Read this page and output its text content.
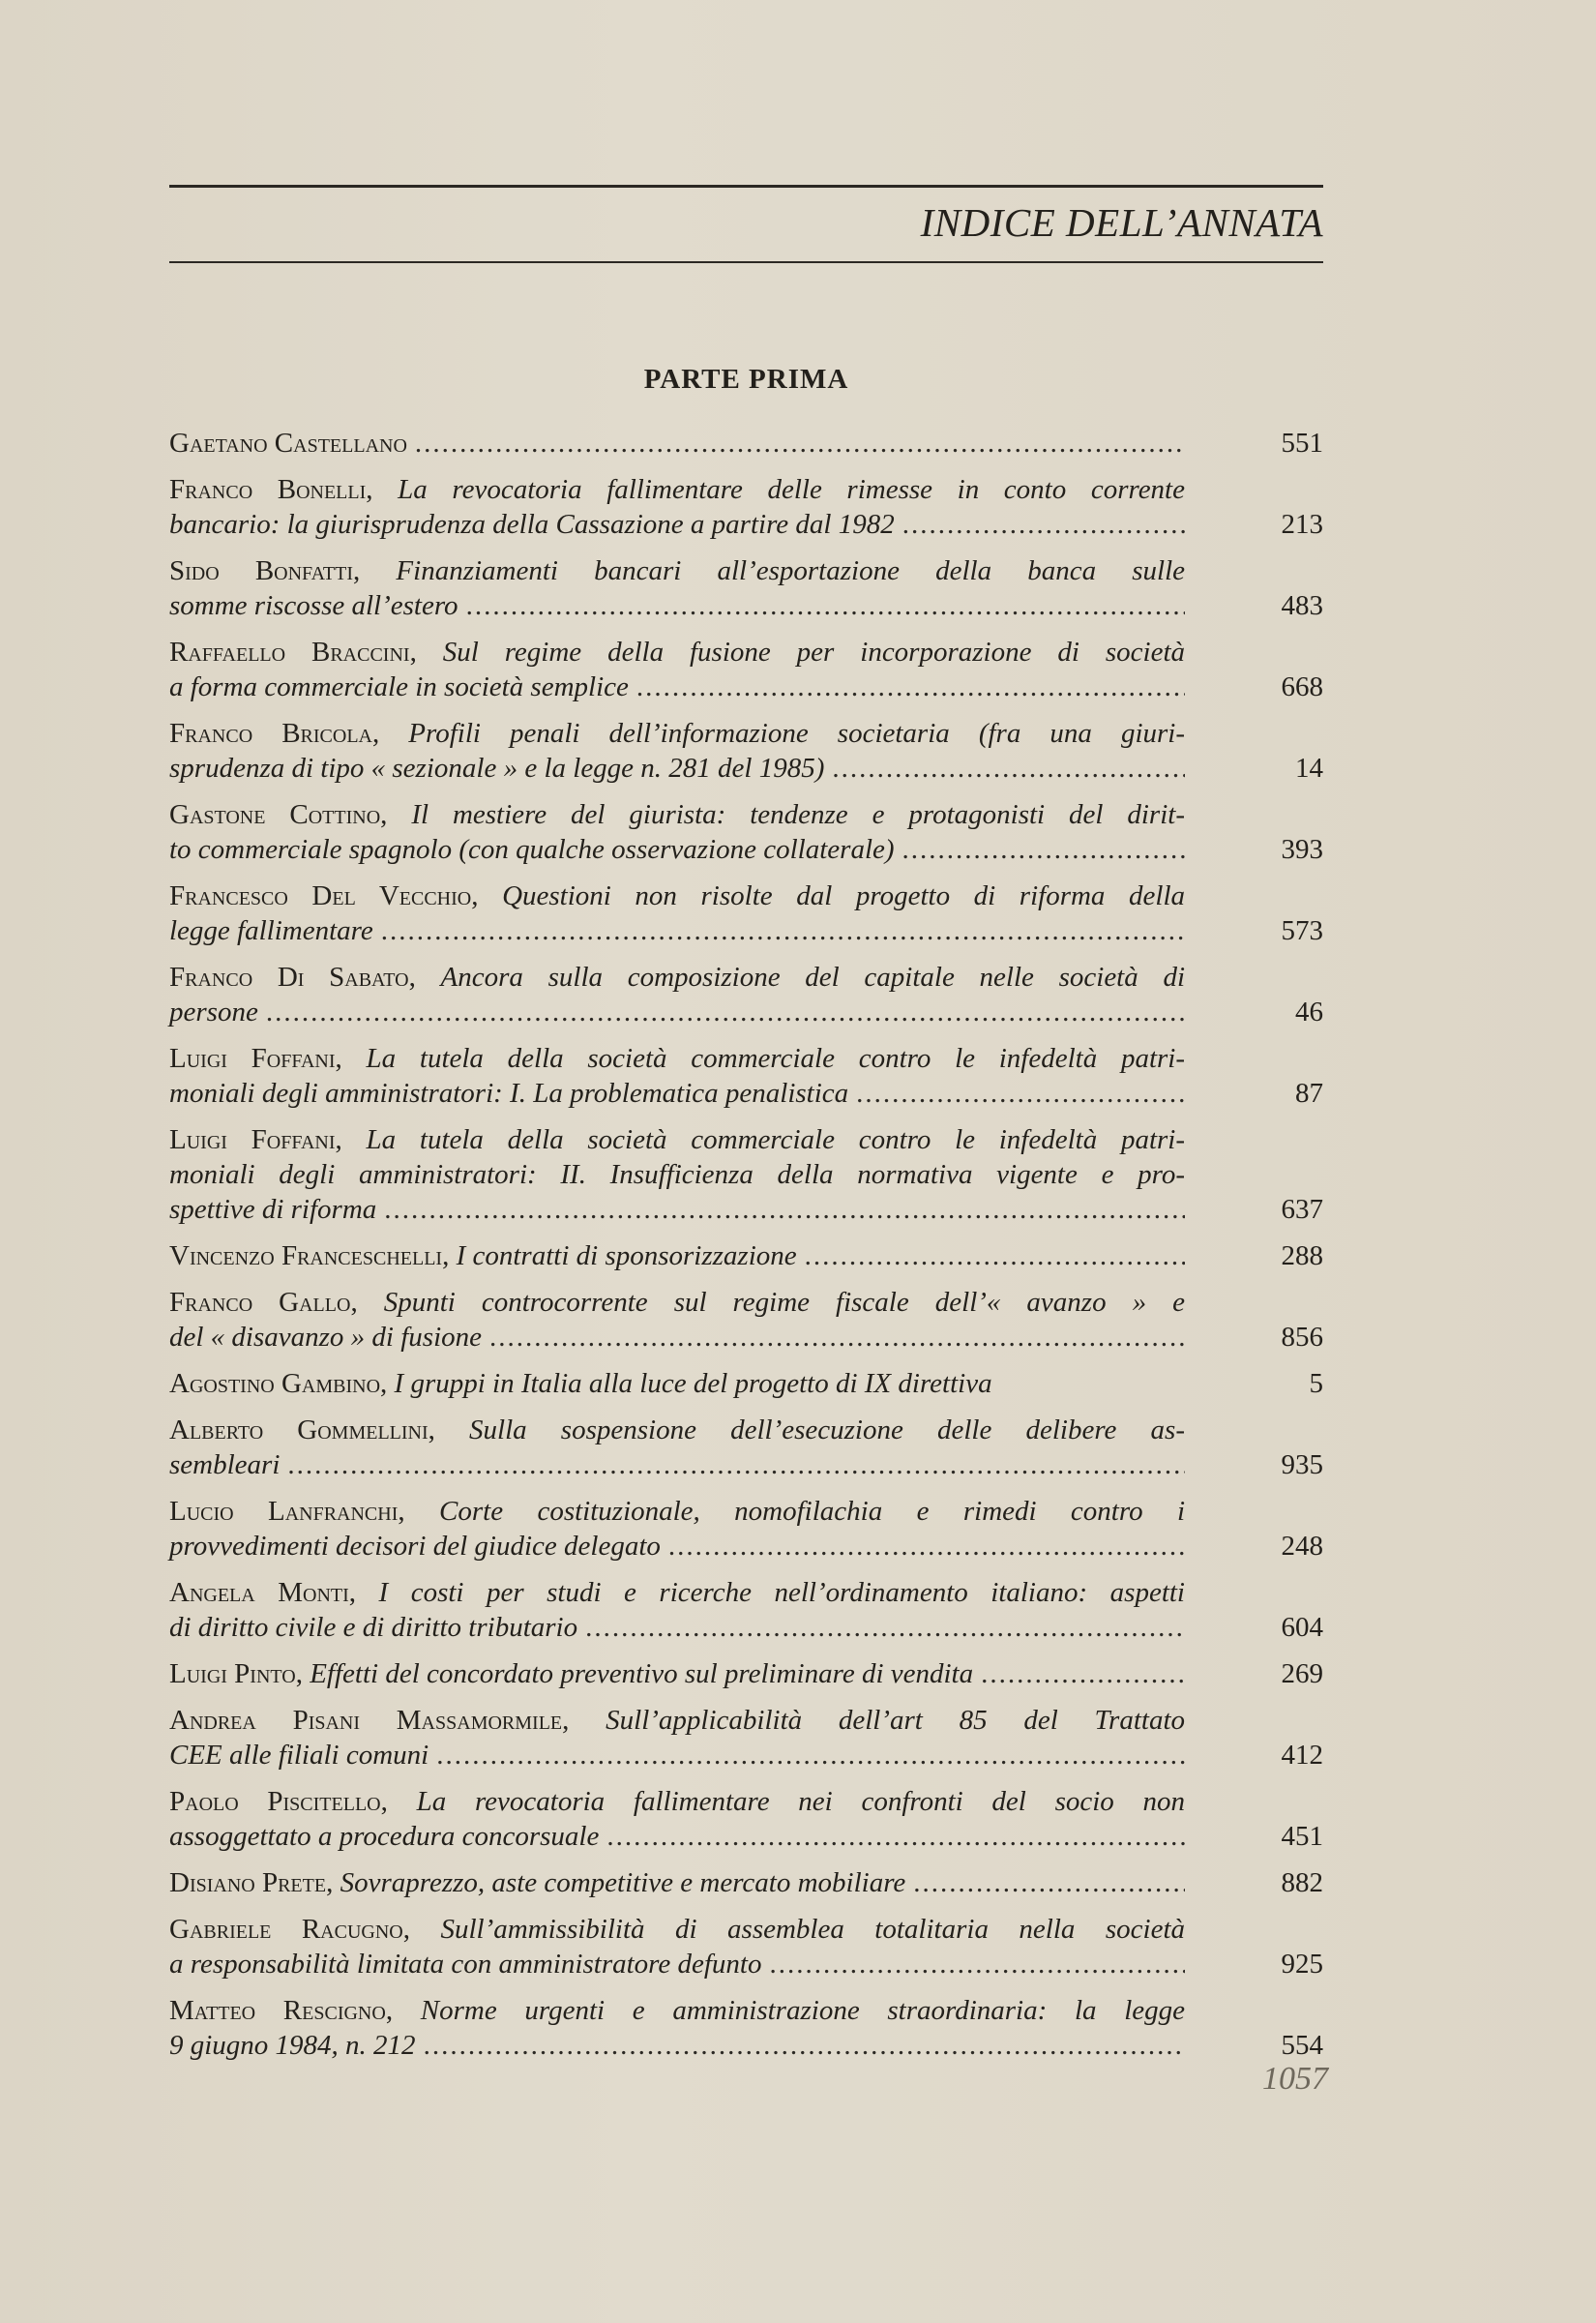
INDICE DELL’ANNATA
PARTE PRIMA
Gaetano Castellano .....	551
Franco Bonelli, La revocatoria fallimentare delle rimesse in conto corrente
bancario: la giurisprudenza della Cassazione a partire dal 1982 .....	213
Sido Bonfatti, Finanziamenti bancari all’esportazione della banca sulle
somme riscosse all’estero .....	483
Raffaello Braccini, Sul regime della fusione per incorporazione di società
a forma commerciale in società semplice .....	668
Franco Bricola, Profili penali dell’informazione societaria (fra una giuri-
sprudenza di tipo « sezionale » e la legge n. 281 del 1985) .....	14
Gastone Cottino, Il mestiere del giurista: tendenze e protagonisti del dirit-
to commerciale spagnolo (con qualche osservazione collaterale) .....	393
Francesco Del Vecchio, Questioni non risolte dal progetto di riforma della
legge fallimentare .....	573
Franco Di Sabato, Ancora sulla composizione del capitale nelle società di
persone .....	46
Luigi Foffani, La tutela della società commerciale contro le infedeltà patri-
moniali degli amministratori: I. La problematica penalistica .....	87
Luigi Foffani, La tutela della società commerciale contro le infedeltà patri-
moniali degli amministratori: II. Insufficienza della normativa vigente e pro-
spettive di riforma .....	637
Vincenzo Franceschelli, I contratti di sponsorizzazione .....	288
Franco Gallo, Spunti controcorrente sul regime fiscale dell’« avanzo » e
del « disavanzo » di fusione .....	856
Agostino Gambino, I gruppi in Italia alla luce del progetto di IX direttiva	5
Alberto Gommellini, Sulla sospensione dell’esecuzione delle delibere as-
sembleari .....	935
Lucio Lanfranchi, Corte costituzionale, nomofilachia e rimedi contro i
provvedimenti decisori del giudice delegato .....	248
Angela Monti, I costi per studi e ricerche nell’ordinamento italiano: aspetti
di diritto civile e di diritto tributario .....	604
Luigi Pinto, Effetti del concordato preventivo sul preliminare di vendita .....	269
Andrea Pisani Massamormile, Sull’applicabilità dell’art 85 del Trattato
CEE alle filiali comuni .....	412
Paolo Piscitello, La revocatoria fallimentare nei confronti del socio non
assoggettato a procedura concorsuale .....	451
Disiano Prete, Sovraprezzo, aste competitive e mercato mobiliare .....	882
Gabriele Racugno, Sull’ammissibilità di assemblea totalitaria nella società
a responsabilità limitata con amministratore defunto .....	925
Matteo Rescigno, Norme urgenti e amministrazione straordinaria: la legge
9 giugno 1984, n. 212 .....	554
1057
